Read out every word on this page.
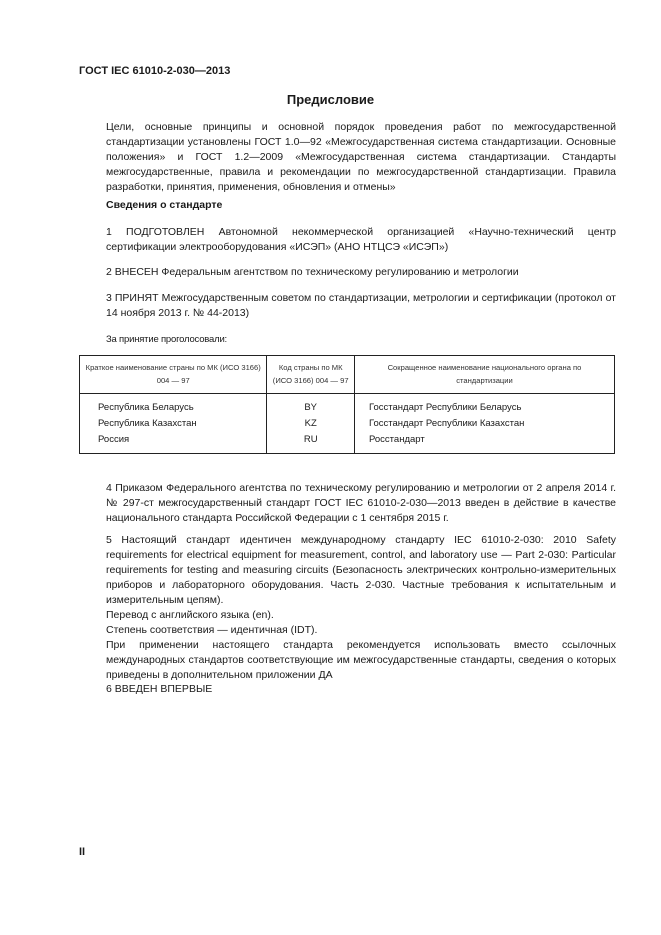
ГОСТ IEC 61010-2-030—2013
Предисловие
Цели, основные принципы и основной порядок проведения работ по межгосударственной стандартизации установлены ГОСТ 1.0—92 «Межгосударственная система стандартизации. Основные положения» и ГОСТ 1.2—2009 «Межгосударственная система стандартизации. Стандарты межгосударственные, правила и рекомендации по межгосударственной стандартизации. Правила разработки, принятия, применения, обновления и отмены»
Сведения о стандарте
1 ПОДГОТОВЛЕН Автономной некоммерческой организацией «Научно-технический центр сертификации электрооборудования «ИСЭП» (АНО НТЦСЭ «ИСЭП»)
2 ВНЕСЕН Федеральным агентством по техническому регулированию и метрологии
3 ПРИНЯТ Межгосударственным советом по стандартизации, метрологии и сертификации (протокол от 14 ноября 2013 г. № 44-2013)
За принятие проголосовали:
Краткое наименование страны по МК (ИСО 3166) 004 — 97	Код страны по МК (ИСО 3166) 004 — 97	Сокращенное наименование национального органа по стандартизации
Республика Беларусь	BY	Госстандарт Республики Беларусь
Республика Казахстан	KZ	Госстандарт Республики Казахстан
Россия	RU	Росстандарт
4 Приказом Федерального агентства по техническому регулированию и метрологии от 2 апреля 2014 г. № 297-ст межгосударственный стандарт ГОСТ IEC 61010-2-030—2013 введен в действие в качестве национального стандарта Российской Федерации с 1 сентября 2015 г.
5 Настоящий стандарт идентичен международному стандарту IEC 61010-2-030: 2010 Safety requirements for electrical equipment for measurement, control, and laboratory use — Part 2-030: Particular requirements for testing and measuring circuits (Безопасность электрических контрольно-измерительных приборов и лабораторного оборудования. Часть 2-030. Частные требования к испытательным и измерительным цепям).
Перевод с английского языка (en).
Степень соответствия — идентичная (IDT).
При применении настоящего стандарта рекомендуется использовать вместо ссылочных международных стандартов соответствующие им межгосударственные стандарты, сведения о которых приведены в дополнительном приложении ДА
6 ВВЕДЕН ВПЕРВЫЕ
II
